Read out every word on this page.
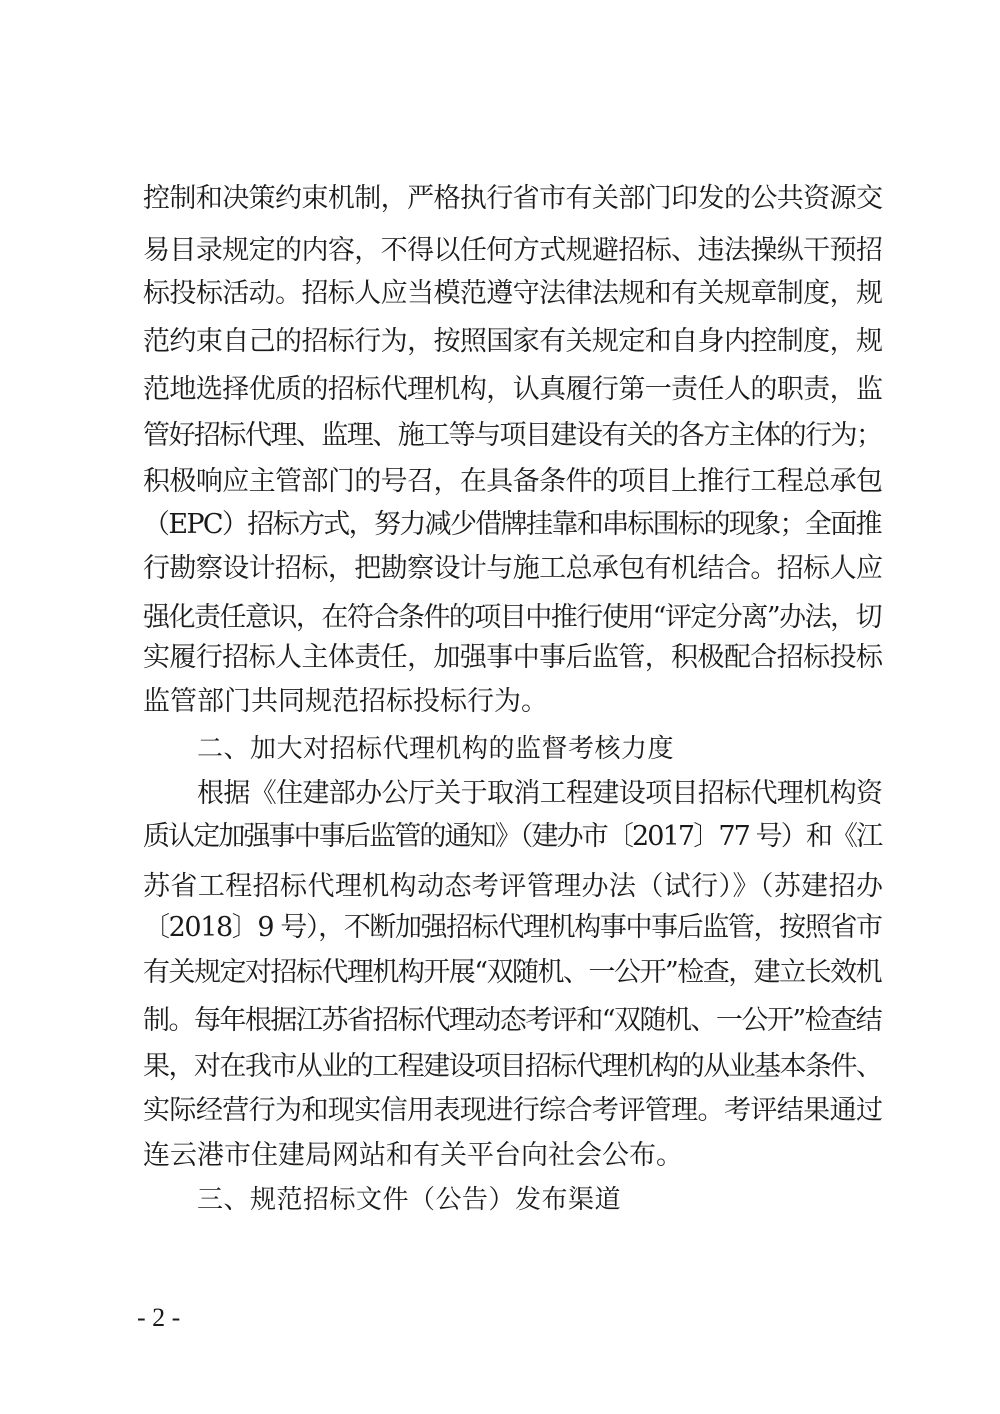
控制和决策约束机制，严格执行省市有关部门印发的公共资源交
易目录规定的内容，不得以任何方式规避招标、违法操纵干预招
标投标活动。招标人应当模范遵守法律法规和有关规章制度，规
范约束自己的招标行为，按照国家有关规定和自身内控制度，规
范地选择优质的招标代理机构，认真履行第一责任人的职责，监
管好招标代理、监理、施工等与项目建设有关的各方主体的行为；
积极响应主管部门的号召，在具备条件的项目上推行工程总承包
（EPC）招标方式，努力减少借牌挂靠和串标围标的现象；全面推
行勘察设计招标，把勘察设计与施工总承包有机结合。招标人应
强化责任意识，在符合条件的项目中推行使用“评定分离”办法，切
实履行招标人主体责任，加强事中事后监管，积极配合招标投标
监管部门共同规范招标投标行为。
二、加大对招标代理机构的监督考核力度
根据《住建部办公厅关于取消工程建设项目招标代理机构资
质认定加强事中事后监管的通知》（建办市〔2017〕77 号）和《江
苏省工程招标代理机构动态考评管理办法（试行）》（苏建招办
〔2018〕9 号），不断加强招标代理机构事中事后监管，按照省市
有关规定对招标代理机构开展“双随机、一公开”检查，建立长效机
制。每年根据江苏省招标代理动态考评和“双随机、一公开”检查结
果，对在我市从业的工程建设项目招标代理机构的从业基本条件、
实际经营行为和现实信用表现进行综合考评管理。考评结果通过
连云港市住建局网站和有关平台向社会公布。
三、规范招标文件（公告）发布渠道
- 2 -
